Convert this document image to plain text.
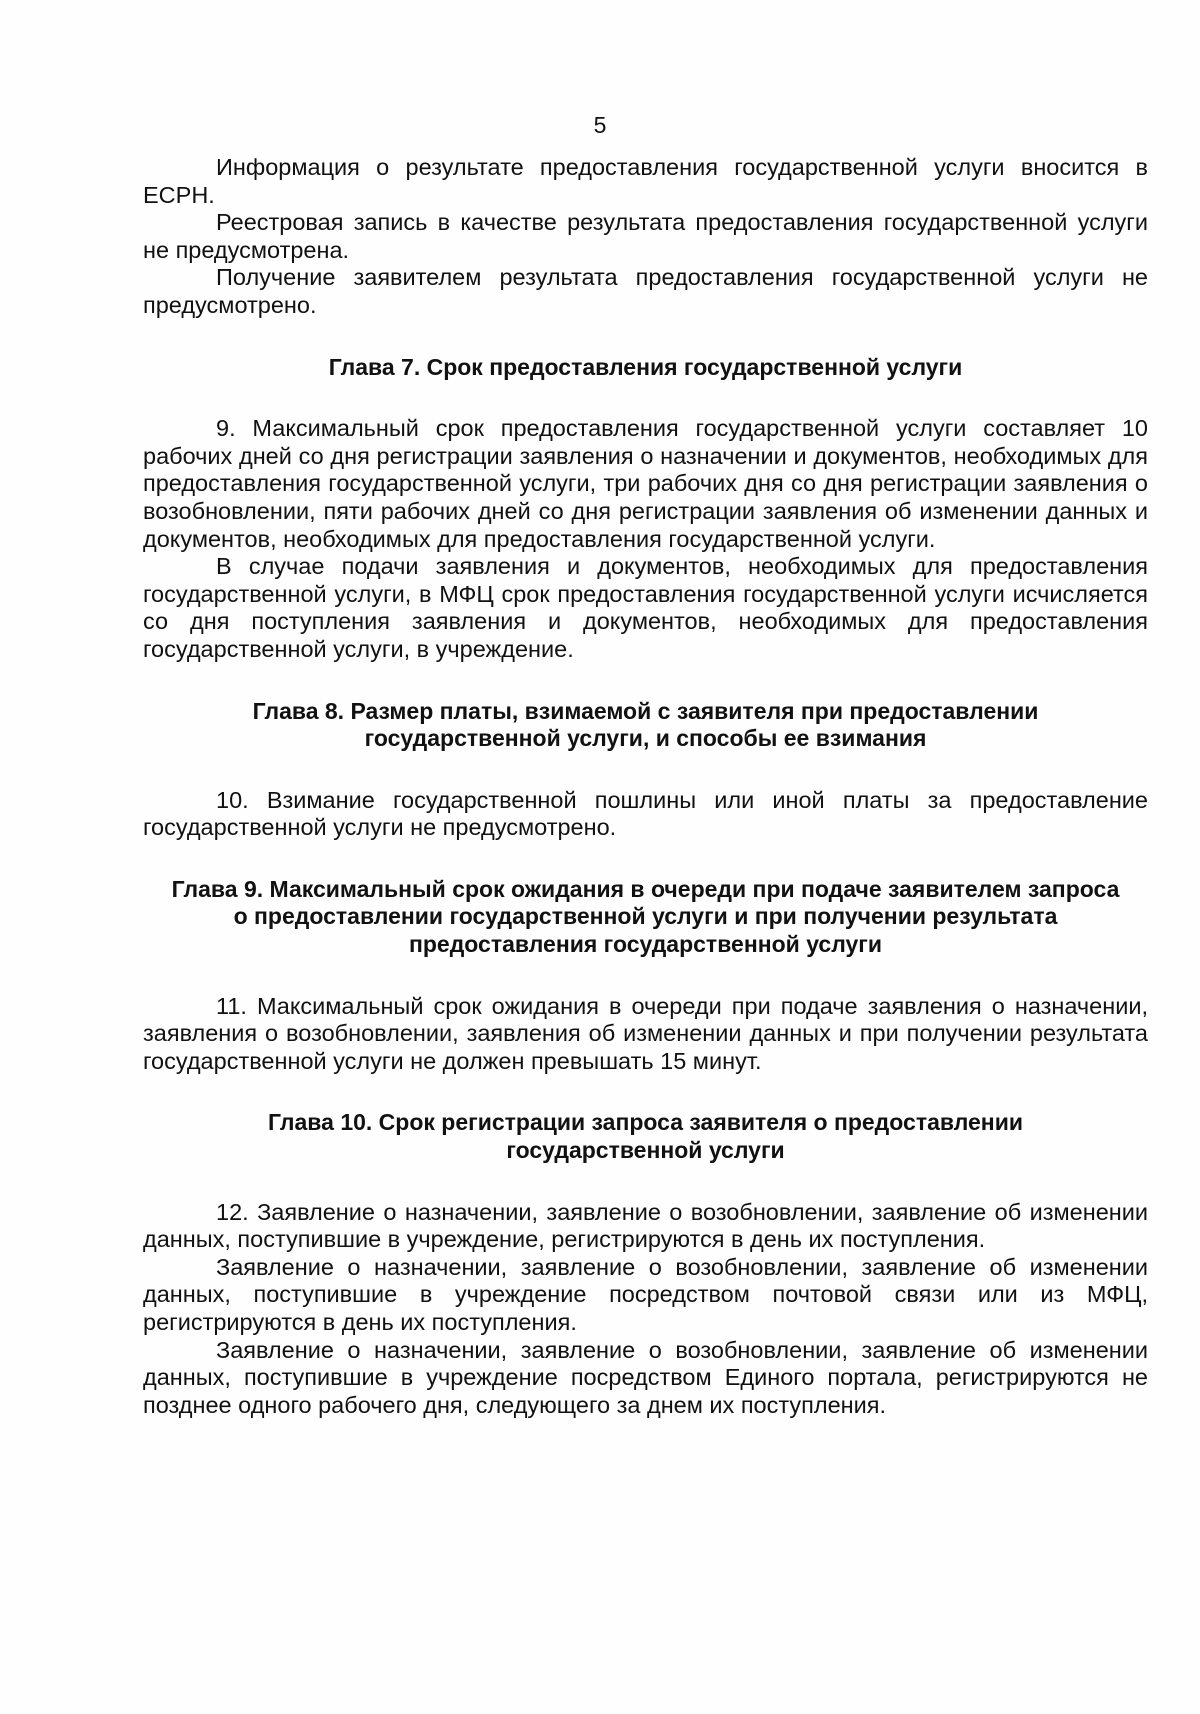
5

Информация о результате предоставления государственной услуги вносится в ЕСРН.

Реестровая запись в качестве результата предоставления государственной услуги не предусмотрена.

Получение заявителем результата предоставления государственной услуги не предусмотрено.

Глава 7. Срок предоставления государственной услуги

9. Максимальный срок предоставления государственной услуги составляет 10 рабочих дней со дня регистрации заявления о назначении и документов, необходимых для предоставления государственной услуги, три рабочих дня со дня регистрации заявления о возобновлении, пяти рабочих дней со дня регистрации заявления об изменении данных и документов, необходимых для предоставления государственной услуги.

В случае подачи заявления и документов, необходимых для предоставления государственной услуги, в МФЦ срок предоставления государственной услуги исчисляется со дня поступления заявления и документов, необходимых для предоставления государственной услуги, в учреждение.

Глава 8. Размер платы, взимаемой с заявителя при предоставлении
государственной услуги, и способы ее взимания

10. Взимание государственной пошлины или иной платы за предоставление государственной услуги не предусмотрено.

Глава 9. Максимальный срок ожидания в очереди при подаче заявителем запроса
о предоставлении государственной услуги и при получении результата
предоставления государственной услуги

11. Максимальный срок ожидания в очереди при подаче заявления о назначении, заявления о возобновлении, заявления об изменении данных и при получении результата государственной услуги не должен превышать 15 минут.

Глава 10. Срок регистрации запроса заявителя о предоставлении
государственной услуги

12. Заявление о назначении, заявление о возобновлении, заявление об изменении данных, поступившие в учреждение, регистрируются в день их поступления.

Заявление о назначении, заявление о возобновлении, заявление об изменении данных, поступившие в учреждение посредством почтовой связи или из МФЦ, регистрируются в день их поступления.

Заявление о назначении, заявление о возобновлении, заявление об изменении данных, поступившие в учреждение посредством Единого портала, регистрируются не позднее одного рабочего дня, следующего за днем их поступления.
